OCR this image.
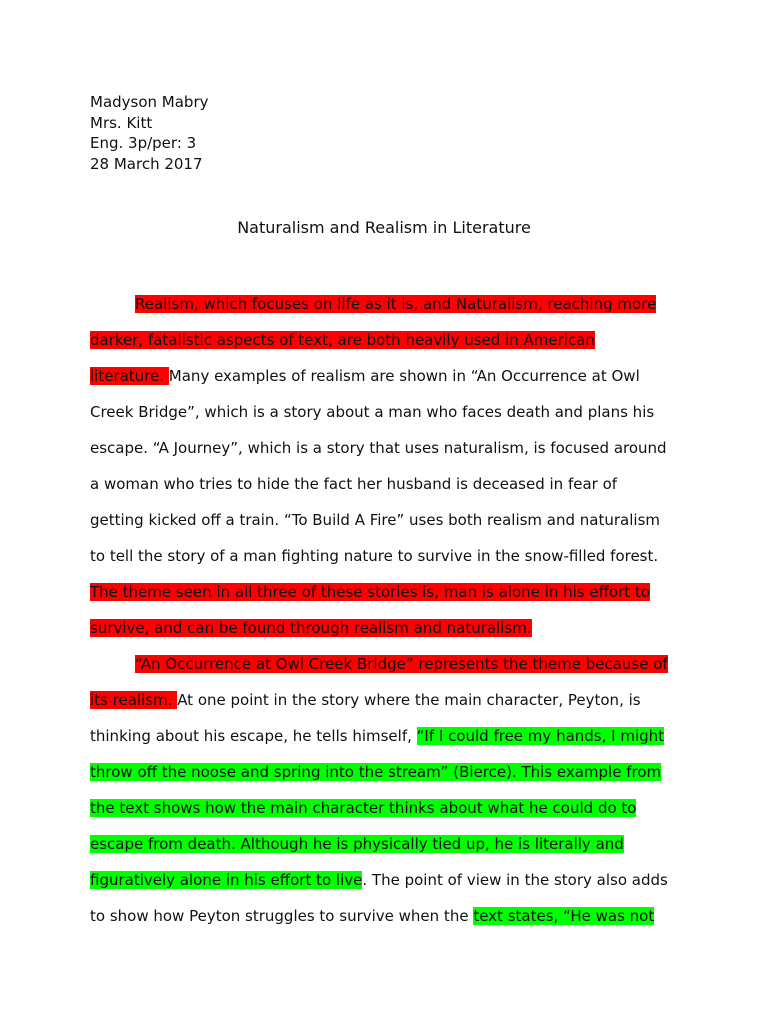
Madyson Mabry
Mrs. Kitt
Eng. 3p/per: 3
28 March 2017
Naturalism and Realism in Literature
Realism, which focuses on life as it is, and Naturalism, reaching more
darker, fatalistic aspects of text, are both heavily used in American
literature. Many examples of realism are shown in “An Occurrence at Owl
Creek Bridge”, which is a story about a man who faces death and plans his
escape. “A Journey”, which is a story that uses naturalism, is focused around
a woman who tries to hide the fact her husband is deceased in fear of
getting kicked off a train. “To Build A Fire” uses both realism and naturalism
to tell the story of a man fighting nature to survive in the snow-filled forest.
The theme seen in all three of these stories is, man is alone in his effort to
survive, and can be found through realism and naturalism.
“An Occurrence at Owl Creek Bridge” represents the theme because of
its realism. At one point in the story where the main character, Peyton, is
thinking about his escape, he tells himself, “If I could free my hands, I might
throw off the noose and spring into the stream” (Bierce). This example from
the text shows how the main character thinks about what he could do to
escape from death. Although he is physically tied up, he is literally and
figuratively alone in his effort to live. The point of view in the story also adds
to show how Peyton struggles to survive when the text states, “He was not
